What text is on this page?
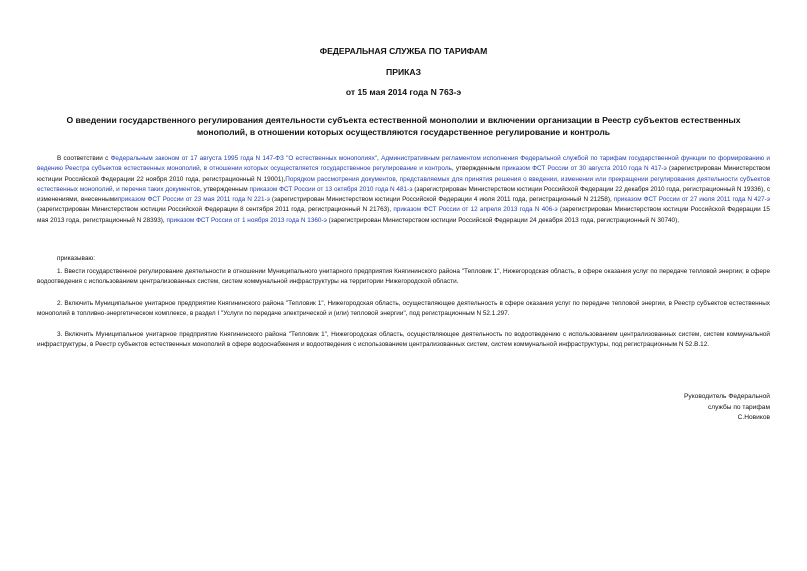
ФЕДЕРАЛЬНАЯ СЛУЖБА ПО ТАРИФАМ
ПРИКАЗ
от 15 мая 2014 года N 763-э
О введении государственного регулирования деятельности субъекта естественной монополии и включении организации в Реестр субъектов естественных монополий, в отношении которых осуществляются государственное регулирование и контроль

В соответствии с Федеральным законом от 17 августа 1995 года N 147-ФЗ "О естественных монополиях", Административным регламентом исполнения Федеральной службой по тарифам государственной функции по формированию и ведению Реестра субъектов естественных монополий, в отношении которых осуществляется государственное регулирование и контроль, утвержденным приказом ФСТ России от 30 августа 2010 года N 417-э (зарегистрирован Министерством юстиции Российской Федерации 22 ноября 2010 года, регистрационный N 19001),Порядком рассмотрения документов, представляемых для принятия решения о введении, изменении или прекращении регулирования деятельности субъектов естественных монополий, и перечня таких документов, утвержденным приказом ФСТ России от 13 октября 2010 года N 481-э (зарегистрирован Министерством юстиции Российской Федерации 22 декабря 2010 года, регистрационный N 19336), с изменениями, внесеннымиприказом ФСТ России от 23 мая 2011 года N 221-э (зарегистрирован Министерством юстиции Российской Федерации 4 июля 2011 года, регистрационный N 21258), приказом ФСТ России от 27 июля 2011 года N 427-э (зарегистрирован Министерством юстиции Российской Федерации 8 сентября 2011 года, регистрационный N 21763), приказом ФСТ России от 12 апреля 2013 года N 406-э (зарегистрирован Министерством юстиции Российской Федерации 15 мая 2013 года, регистрационный N 28393), приказом ФСТ России от 1 ноября 2013 года N 1360-э (зарегистрирован Министерством юстиции Российской Федерации 24 декабря 2013 года, регистрационный N 30740),

приказываю:

1. Ввести государственное регулирование деятельности в отношении Муниципального унитарного предприятия Княгининского района "Тепловик 1", Нижегородская область, в сфере оказания услуг по передаче тепловой энергии; в сфере водоотведения с использованием централизованных систем, систем коммунальной инфраструктуры на территории Нижегородской области.

2. Включить Муниципальное унитарное предприятие Княгининского района "Тепловик 1", Нижегородская область, осуществляющее деятельность в сфере оказания услуг по передаче тепловой энергии, в Реестр субъектов естественных монополий в топливно-энергетическом комплексе, в раздел I "Услуги по передаче электрической и (или) тепловой энергии", под регистрационным N 52.1.297.

3. Включить Муниципальное унитарное предприятие Княгининского района "Тепловик 1", Нижегородская область, осуществляющее деятельность по водоотведению с использованием централизованных систем, систем коммунальной инфраструктуры, в Реестр субъектов естественных монополий в сфере водоснабжения и водоотведения с использованием централизованных систем, систем коммунальной инфраструктуры, под регистрационным N 52.В.12.

Руководитель Федеральной
службы по тарифам
С.Новиков
